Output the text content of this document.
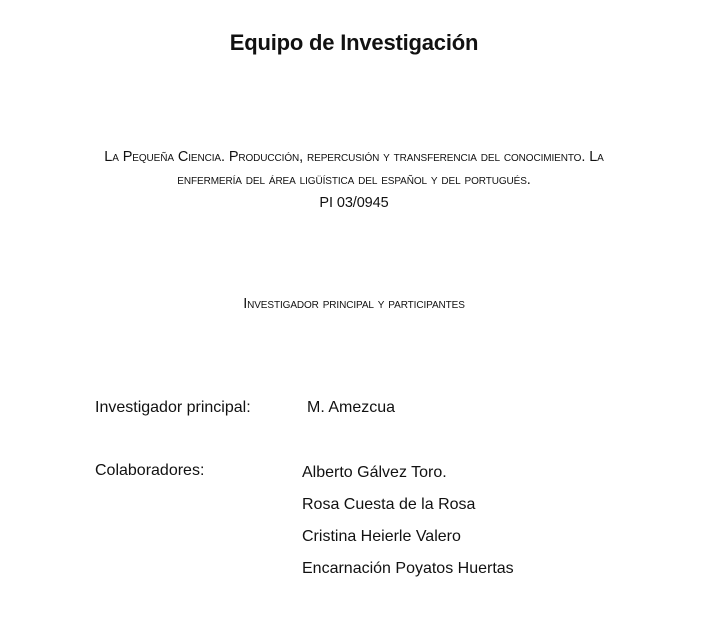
Equipo de Investigación
La Pequeña Ciencia. Producción, repercusión y transferencia del conocimiento. La
enfermería del área ligüística del español y del portugués.
PI 03/0945
Investigador principal y participantes
Investigador principal:	M. Amezcua
Colaboradores:	Alberto Gálvez Toro.
Rosa Cuesta de la Rosa
Cristina Heierle Valero
Encarnación Poyatos Huertas
